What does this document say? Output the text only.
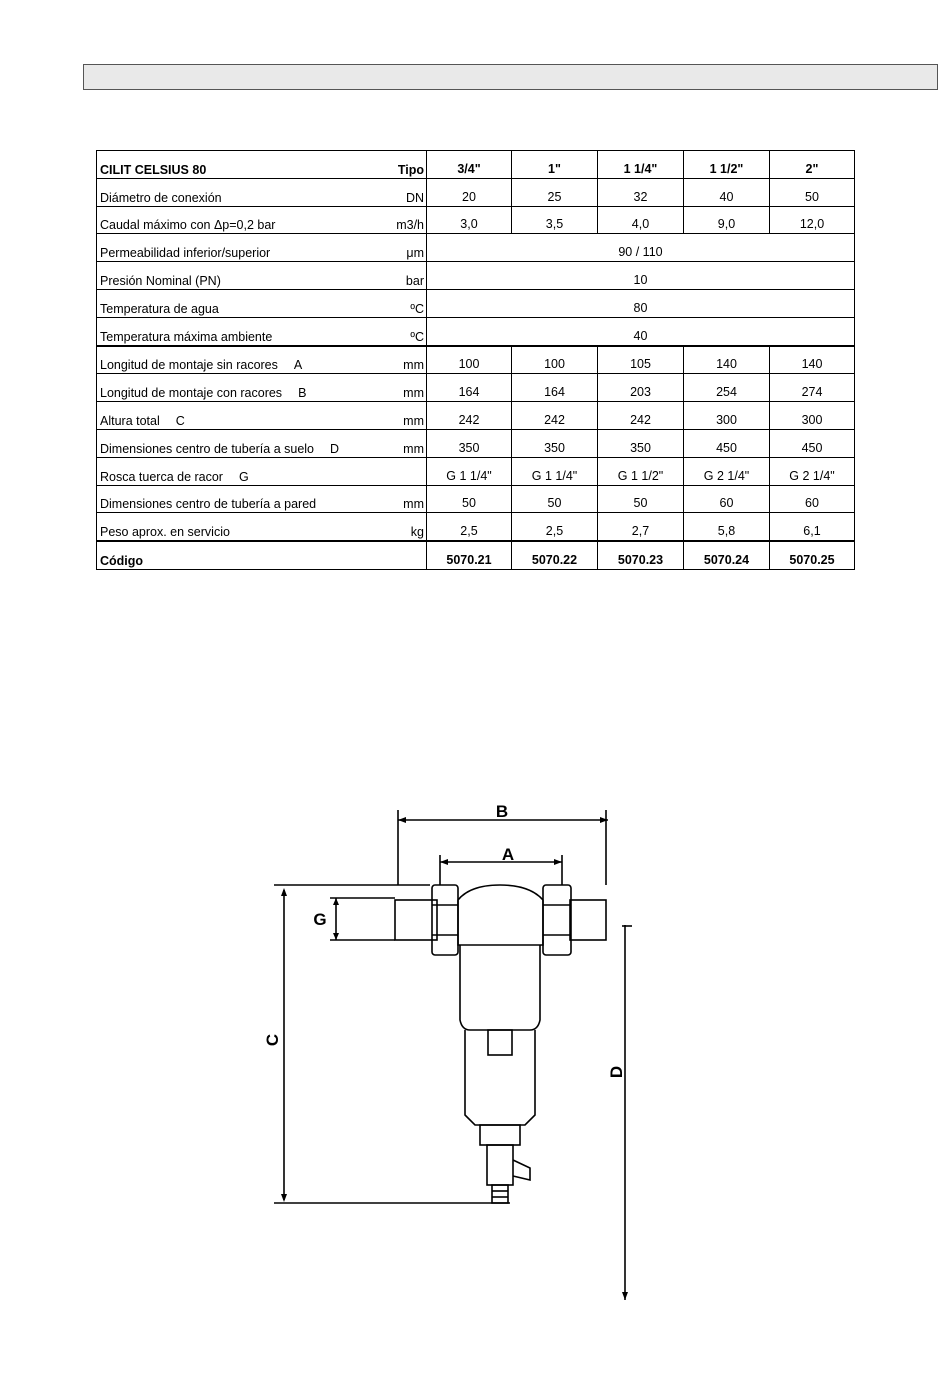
CILIT CELSIUS 80 Tipo	3/4"	1"	1 1/4"	1 1/2"	2"

Diámetro de conexión DN	20	25	32	40	50

Caudal máximo con Δp=0,2 bar m3/h	3,0	3,5	4,0	9,0	12,0

Permeabilidad inferior/superior μm	90 / 110				

Presión Nominal (PN) bar	10				

Temperatura de agua ºC	80				

Temperatura máxima ambiente ºC	40				

Longitud de montaje sin racores A mm	100	100	105	140	140

Longitud de montaje con racores B mm	164	164	203	254	274

Altura total C mm	242	242	242	300	300

Dimensiones centro de tubería a suelo D mm	350	350	350	450	450

Rosca tuerca de racor G	G 1 1/4"	G 1 1/4"	G 1 1/2"	G 2 1/4"	G 2 1/4"

Dimensiones centro de tubería a pared mm	50	50	50	60	60

Peso aprox. en servicio kg	2,5	2,5	2,7	5,8	6,1
Código	5070.21	5070.22	5070.23	5070.24	5070.25
B
A
G
C
D
